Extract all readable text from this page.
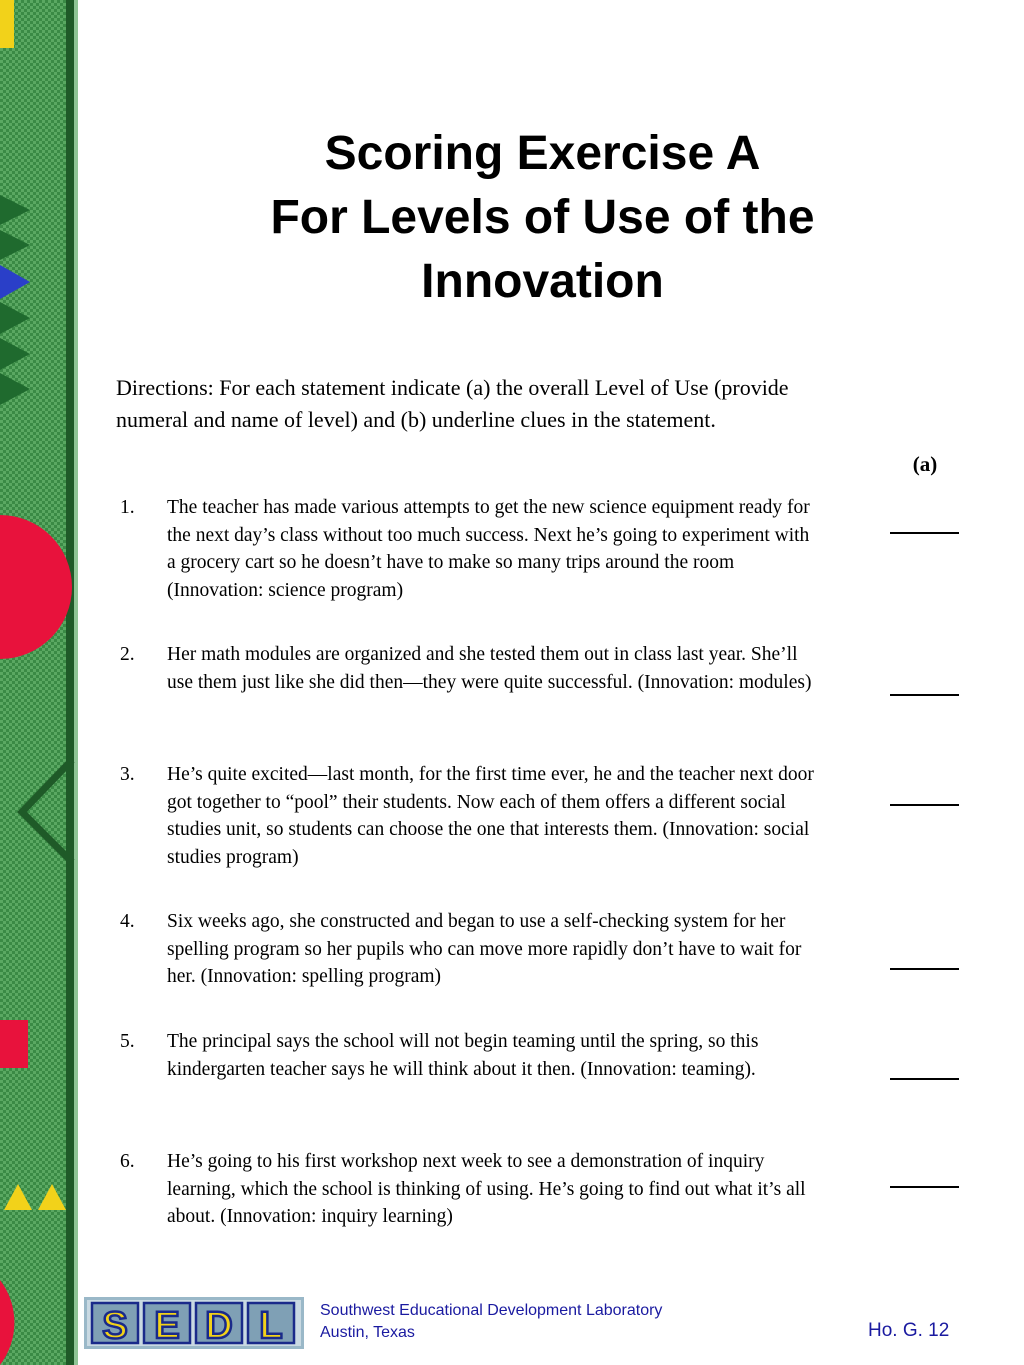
Scoring Exercise A
For Levels of Use of the
Innovation

Directions: For each statement indicate (a) the overall Level of Use (provide numeral and name of level) and (b) underline clues in the statement.

(a)
1. The teacher has made various attempts to get the new science equipment ready for the next day’s class without too much success. Next he’s going to experiment with a grocery cart so he doesn’t have to make so many trips around the room (Innovation: science program)
2. Her math modules are organized and she tested them out in class last year. She’ll use them just like she did then—they were quite successful. (Innovation: modules)
3. He’s quite excited—last month, for the first time ever, he and the teacher next door got together to “pool” their students. Now each of them offers a different social studies unit, so students can choose the one that interests them. (Innovation: social studies program)
4. Six weeks ago, she constructed and began to use a self-checking system for her spelling program so her pupils who can move more rapidly don’t have to wait for her. (Innovation: spelling program)
5. The principal says the school will not begin teaming until the spring, so this kindergarten teacher says he will think about it then. (Innovation: teaming).
6. He’s going to his first workshop next week to see a demonstration of inquiry learning, which the school is thinking of using. He’s going to find out what it’s all about. (Innovation: inquiry learning)
S E D L Southwest Educational Development Laboratory
Austin, Texas	Ho. G. 12
